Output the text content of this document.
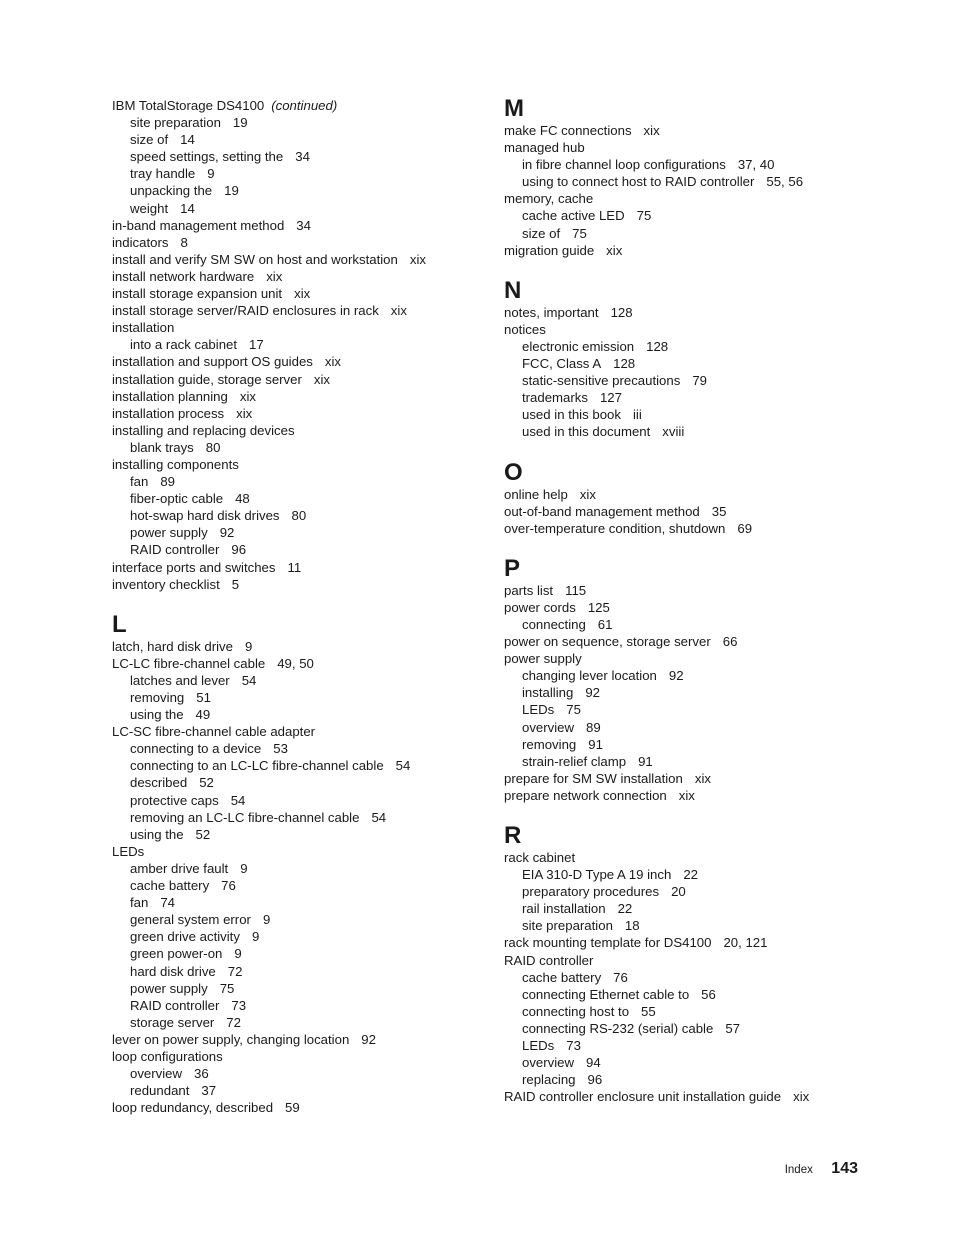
IBM TotalStorage DS4100 (continued)
site preparation 19
size of 14
speed settings, setting the 34
tray handle 9
unpacking the 19
weight 14
in-band management method 34
indicators 8
install and verify SM SW on host and workstation xix
install network hardware xix
install storage expansion unit xix
install storage server/RAID enclosures in rack xix
installation
into a rack cabinet 17
installation and support OS guides xix
installation guide, storage server xix
installation planning xix
installation process xix
installing and replacing devices
blank trays 80
installing components
fan 89
fiber-optic cable 48
hot-swap hard disk drives 80
power supply 92
RAID controller 96
interface ports and switches 11
inventory checklist 5
L
latch, hard disk drive 9
LC-LC fibre-channel cable 49, 50
latches and lever 54
removing 51
using the 49
LC-SC fibre-channel cable adapter
connecting to a device 53
connecting to an LC-LC fibre-channel cable 54
described 52
protective caps 54
removing an LC-LC fibre-channel cable 54
using the 52
LEDs
amber drive fault 9
cache battery 76
fan 74
general system error 9
green drive activity 9
green power-on 9
hard disk drive 72
power supply 75
RAID controller 73
storage server 72
lever on power supply, changing location 92
loop configurations
overview 36
redundant 37
loop redundancy, described 59
M
make FC connections xix
managed hub
in fibre channel loop configurations 37, 40
using to connect host to RAID controller 55, 56
memory, cache
cache active LED 75
size of 75
migration guide xix
N
notes, important 128
notices
electronic emission 128
FCC, Class A 128
static-sensitive precautions 79
trademarks 127
used in this book iii
used in this document xviii
O
online help xix
out-of-band management method 35
over-temperature condition, shutdown 69
P
parts list 115
power cords 125
connecting 61
power on sequence, storage server 66
power supply
changing lever location 92
installing 92
LEDs 75
overview 89
removing 91
strain-relief clamp 91
prepare for SM SW installation xix
prepare network connection xix
R
rack cabinet
EIA 310-D Type A 19 inch 22
preparatory procedures 20
rail installation 22
site preparation 18
rack mounting template for DS4100 20, 121
RAID controller
cache battery 76
connecting Ethernet cable to 56
connecting host to 55
connecting RS-232 (serial) cable 57
LEDs 73
overview 94
replacing 96
RAID controller enclosure unit installation guide xix
Index 143
